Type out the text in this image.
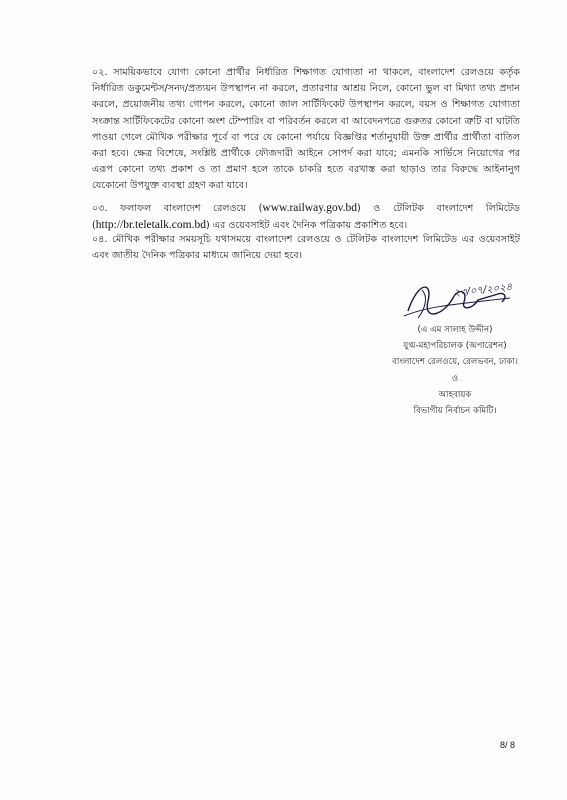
০২. সাময়িকভাবে যোগ্য কোনো প্রার্থীর নির্ধারিত শিক্ষাগত যোগ্যতা না থাকলে, বাংলাদেশ রেলওয়ে কর্তৃক নির্ধারিত ডকুমেন্টস/সনদ/প্রত্যয়ন উপস্থাপন না করলে, প্রতারণার আশ্রয় নিলে, কোনো ভুল বা মিথ্যা তথ্য প্রদান করলে, প্রয়োজনীয় তথ্য গোপন করলে, কোনো জাল সার্টিফিকেট উপস্থাপন করলে, বয়স ও শিক্ষাগত যোগ্যতা সংক্রান্ত সার্টিফিকেটের কোনো অংশ টেম্পারিং বা পরিবর্তন করলে বা আবেদনপত্রে গুরুতর কোনো ত্রুটি বা ঘাটতি পাওয়া গেলে মৌখিক পরীক্ষার পূর্বে বা পরে যে কোনো পর্যায়ে বিজ্ঞপ্তির শর্তানুযায়ী উক্ত প্রার্থীর প্রার্থীতা বাতিল করা হবে। ক্ষেত্র বিশেষে, সংশ্লিষ্ট প্রার্থীকে ফৌজদারী আইনে সোপর্দ করা যাবে; এমনকি সার্ভিসে নিয়োগের পর এরূপ কোনো তথ্য প্রকাশ ও তা প্রমাণ হলে তাকে চাকরি হতে বরখাস্ত করা ছাড়াও তার বিরুদ্ধে আইনানুগ যেকোনো উপযুক্ত ব্যবস্থা গ্রহণ করা যাবে।

০৩. ফলাফল বাংলাদেশ রেলওয়ে (www.railway.gov.bd) ও টেলিটক বাংলাদেশ লিমিটেড (http://br.teletalk.com.bd) এর ওয়েবসাইট এবং দৈনিক পত্রিকায় প্রকাশিত হবে।

০৪. মৌখিক পরীক্ষার সময়সূচি যথাসময়ে বাংলাদেশ রেলওয়ে ও টেলিটক বাংলাদেশ লিমিটেড এর ওয়েবসাইট এবং জাতীয় দৈনিক পত্রিকার মাধ্যমে জানিয়ে দেয়া হবে।

২৩/০৭/২০২৪

(এ এম সালাহ উদ্দীন)

যুগ্ম-মহাপরিচালক (অপারেশন)

বাংলাদেশ রেলওয়ে, রেলভবন, ঢাকা।

ও

আহবায়ক

বিভাগীয় নির্বাচন কমিটি।

8/ 8
